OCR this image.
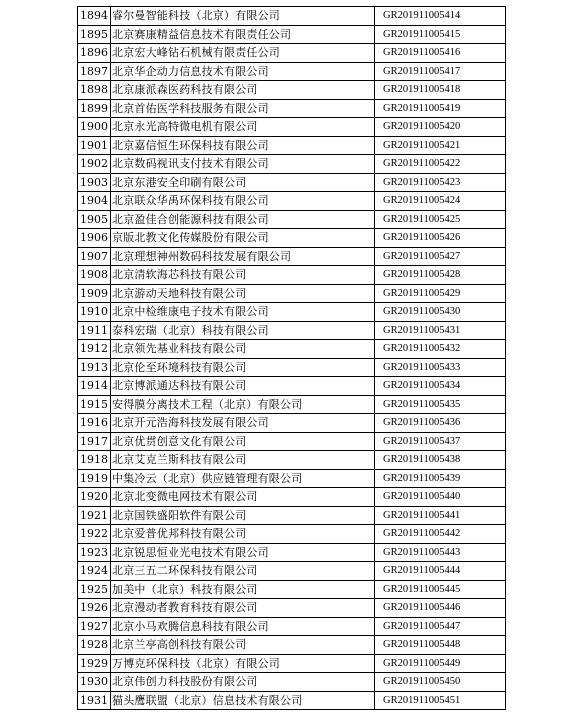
1894	睿尔曼智能科技（北京）有限公司	GR201911005414
1895	北京赛康精益信息技术有限责任公司	GR201911005415
1896	北京宏大峰钻石机械有限责任公司	GR201911005416
1897	北京华企动力信息技术有限公司	GR201911005417
1898	北京康派森医药科技有限公司	GR201911005418
1899	北京首佑医学科技服务有限公司	GR201911005419
1900	北京永光高特微电机有限公司	GR201911005420
1901	北京嘉信恒生环保科技有限公司	GR201911005421
1902	北京数码视讯支付技术有限公司	GR201911005422
1903	北京东港安全印刷有限公司	GR201911005423
1904	北京联众华禹环保科技有限公司	GR201911005424
1905	北京盈佳合创能源科技有限公司	GR201911005425
1906	京版北教文化传媒股份有限公司	GR201911005426
1907	北京理想神州数码科技发展有限公司	GR201911005427
1908	北京清软海芯科技有限公司	GR201911005428
1909	北京游动天地科技有限公司	GR201911005429
1910	北京中检维康电子技术有限公司	GR201911005430
1911	泰科宏瑞（北京）科技有限公司	GR201911005431
1912	北京领先基业科技有限公司	GR201911005432
1913	北京伦至环境科技有限公司	GR201911005433
1914	北京博派通达科技有限公司	GR201911005434
1915	安得膜分离技术工程（北京）有限公司	GR201911005435
1916	北京开元浩海科技发展有限公司	GR201911005436
1917	北京优贯创意文化有限公司	GR201911005437
1918	北京艾克兰斯科技有限公司	GR201911005438
1919	中集冷云（北京）供应链管理有限公司	GR201911005439
1920	北京北变微电网技术有限公司	GR201911005440
1921	北京国铁盛阳软件有限公司	GR201911005441
1922	北京爱普优邦科技有限公司	GR201911005442
1923	北京锐思恒业光电技术有限公司	GR201911005443
1924	北京三五二环保科技有限公司	GR201911005444
1925	加美中（北京）科技有限公司	GR201911005445
1926	北京漫动者教育科技有限公司	GR201911005446
1927	北京小马欢腾信息科技有限公司	GR201911005447
1928	北京兰亭高创科技有限公司	GR201911005448
1929	万博克环保科技（北京）有限公司	GR201911005449
1930	北京伟创力科技股份有限公司	GR201911005450
1931	猫头鹰联盟（北京）信息技术有限公司	GR201911005451
